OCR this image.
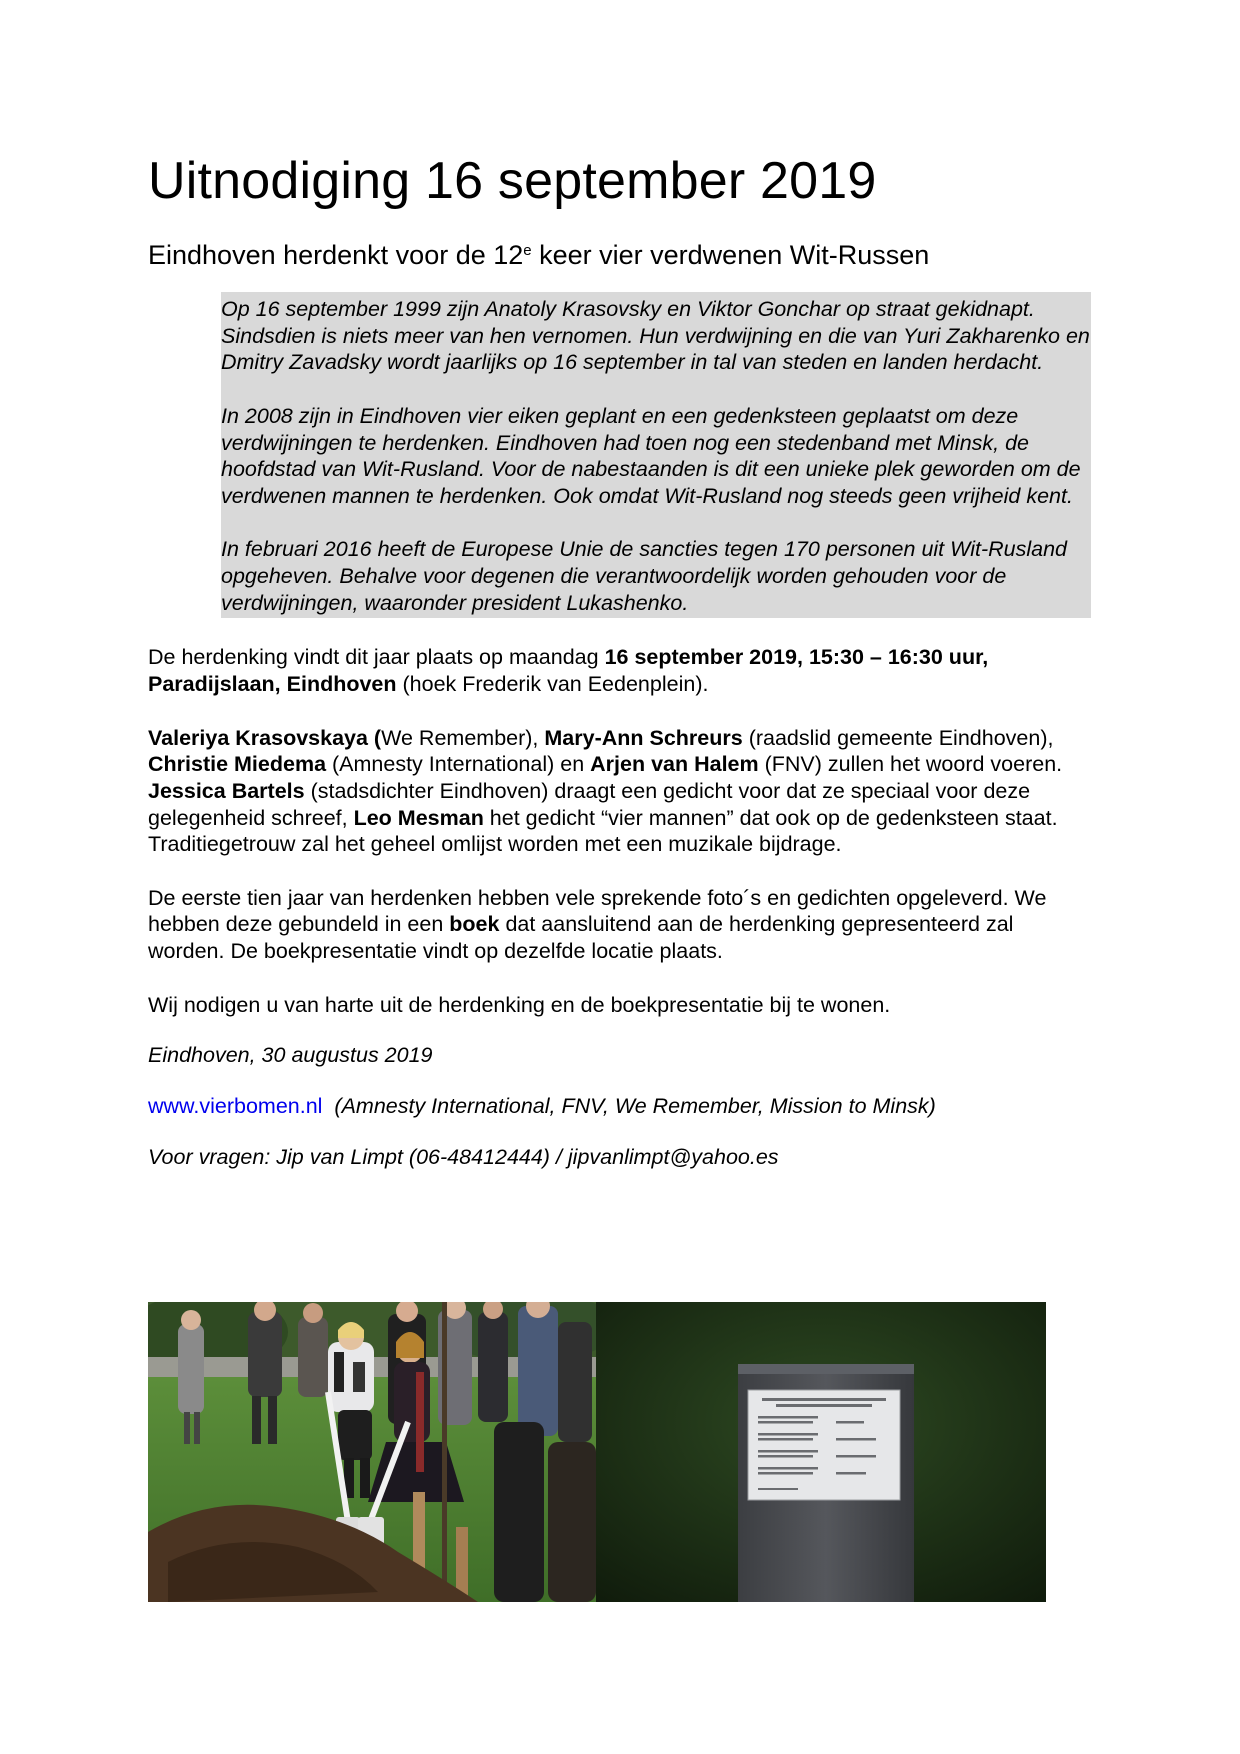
Uitnodiging 16 september 2019
Eindhoven herdenkt voor de 12e keer vier verdwenen Wit-Russen

Op 16 september 1999 zijn Anatoly Krasovsky en Viktor Gonchar op straat gekidnapt. Sindsdien is niets meer van hen vernomen. Hun verdwijning en die van Yuri Zakharenko en Dmitry Zavadsky wordt jaarlijks op 16 september in tal van steden en landen herdacht.

In 2008 zijn in Eindhoven vier eiken geplant en een gedenksteen geplaatst om deze verdwijningen te herdenken. Eindhoven had toen nog een stedenband met Minsk, de hoofdstad van Wit-Rusland. Voor de nabestaanden is dit een unieke plek geworden om de verdwenen mannen te herdenken. Ook omdat Wit-Rusland nog steeds geen vrijheid kent.

In februari 2016 heeft de Europese Unie de sancties tegen 170 personen uit Wit-Rusland opgeheven. Behalve voor degenen die verantwoordelijk worden gehouden voor de verdwijningen, waaronder president Lukashenko.

De herdenking vindt dit jaar plaats op maandag 16 september 2019, 15:30 – 16:30 uur, Paradijslaan, Eindhoven (hoek Frederik van Eedenplein).

Valeriya Krasovskaya (We Remember), Mary-Ann Schreurs (raadslid gemeente Eindhoven), Christie Miedema (Amnesty International) en Arjen van Halem (FNV) zullen het woord voeren.

Jessica Bartels (stadsdichter Eindhoven) draagt een gedicht voor dat ze speciaal voor deze gelegenheid schreef, Leo Mesman het gedicht “vier mannen” dat ook op de gedenksteen staat. Traditiegetrouw zal het geheel omlijst worden met een muzikale bijdrage.

De eerste tien jaar van herdenken hebben vele sprekende foto´s en gedichten opgeleverd. We hebben deze gebundeld in een boek dat aansluitend aan de herdenking gepresenteerd zal worden. De boekpresentatie vindt op dezelfde locatie plaats.

Wij nodigen u van harte uit de herdenking en de boekpresentatie bij te wonen.

Eindhoven, 30 augustus 2019

www.vierbomen.nl  (Amnesty International, FNV, We Remember, Mission to Minsk)

Voor vragen: Jip van Limpt (06-48412444) / jipvanlimpt@yahoo.es
